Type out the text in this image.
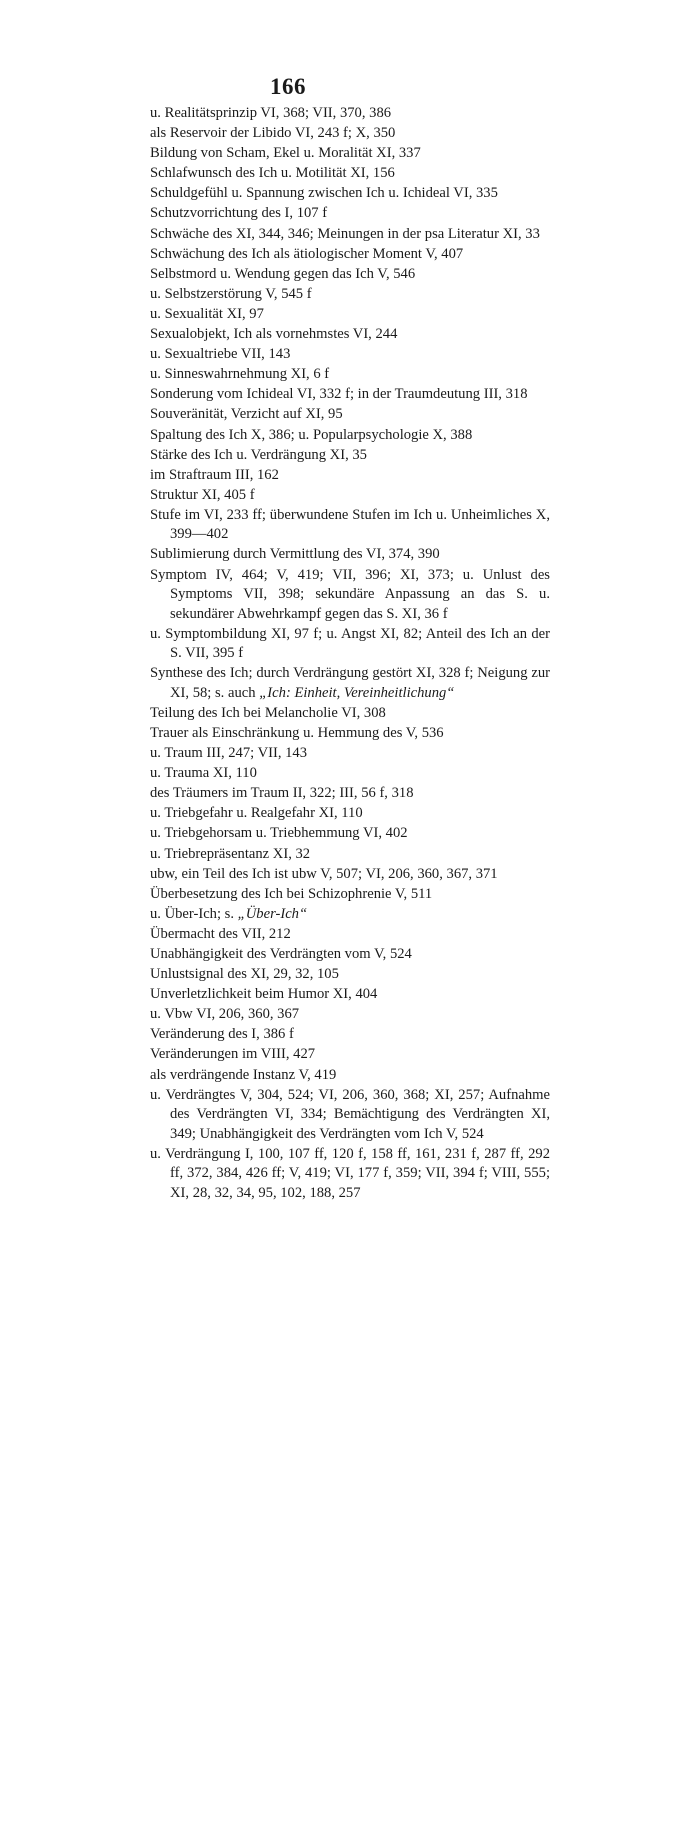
166
u. Realitätsprinzip VI, 368; VII, 370, 386
als Reservoir der Libido VI, 243 f; X, 350
Bildung von Scham, Ekel u. Moralität XI, 337
Schlafwunsch des Ich u. Motilität XI, 156
Schuldgefühl u. Spannung zwischen Ich u. Ichideal VI, 335
Schutzvorrichtung des I, 107 f
Schwäche des XI, 344, 346; Meinungen in der psa Literatur XI, 33
Schwächung des Ich als ätiologischer Moment V, 407
Selbstmord u. Wendung gegen das Ich V, 546
u. Selbstzerstörung V, 545 f
u. Sexualität XI, 97
Sexualobjekt, Ich als vornehmstes VI, 244
u. Sexualtriebe VII, 143
u. Sinneswahrnehmung XI, 6 f
Sonderung vom Ichideal VI, 332 f; in der Traumdeutung III, 318
Souveränität, Verzicht auf XI, 95
Spaltung des Ich X, 386; u. Popularpsychologie X, 388
Stärke des Ich u. Verdrängung XI, 35
im Straftraum III, 162
Struktur XI, 405 f
Stufe im VI, 233 ff; überwundene Stufen im Ich u. Unheimliches X, 399—402
Sublimierung durch Vermittlung des VI, 374, 390
Symptom IV, 464; V, 419; VII, 396; XI, 373; u. Unlust des Symptoms VII, 398; sekundäre Anpassung an das S. u. sekundärer Abwehrkampf gegen das S. XI, 36 f
u. Symptombildung XI, 97 f; u. Angst XI, 82; Anteil des Ich an der S. VII, 395 f
Synthese des Ich; durch Verdrängung gestört XI, 328 f; Neigung zur XI, 58; s. auch „Ich: Einheit, Vereinheitlichung“
Teilung des Ich bei Melancholie VI, 308
Trauer als Einschränkung u. Hemmung des V, 536
u. Traum III, 247; VII, 143
u. Trauma XI, 110
des Träumers im Traum II, 322; III, 56 f, 318
u. Triebgefahr u. Realgefahr XI, 110
u. Triebgehorsam u. Triebhemmung VI, 402
u. Triebrepräsentanz XI, 32
ubw, ein Teil des Ich ist ubw V, 507; VI, 206, 360, 367, 371
Überbesetzung des Ich bei Schizophrenie V, 511
u. Über-Ich; s. „Über-Ich“
Übermacht des VII, 212
Unabhängigkeit des Verdrängten vom V, 524
Unlustsignal des XI, 29, 32, 105
Unverletzlichkeit beim Humor XI, 404
u. Vbw VI, 206, 360, 367
Veränderung des I, 386 f
Veränderungen im VIII, 427
als verdrängende Instanz V, 419
u. Verdrängtes V, 304, 524; VI, 206, 360, 368; XI, 257; Aufnahme des Verdrängten VI, 334; Bemächtigung des Verdrängten XI, 349; Unabhängigkeit des Verdrängten vom Ich V, 524
u. Verdrängung I, 100, 107 ff, 120 f, 158 ff, 161, 231 f, 287 ff, 292 ff, 372, 384, 426 ff; V, 419; VI, 177 f, 359; VII, 394 f; VIII, 555; XI, 28, 32, 34, 95, 102, 188, 257
